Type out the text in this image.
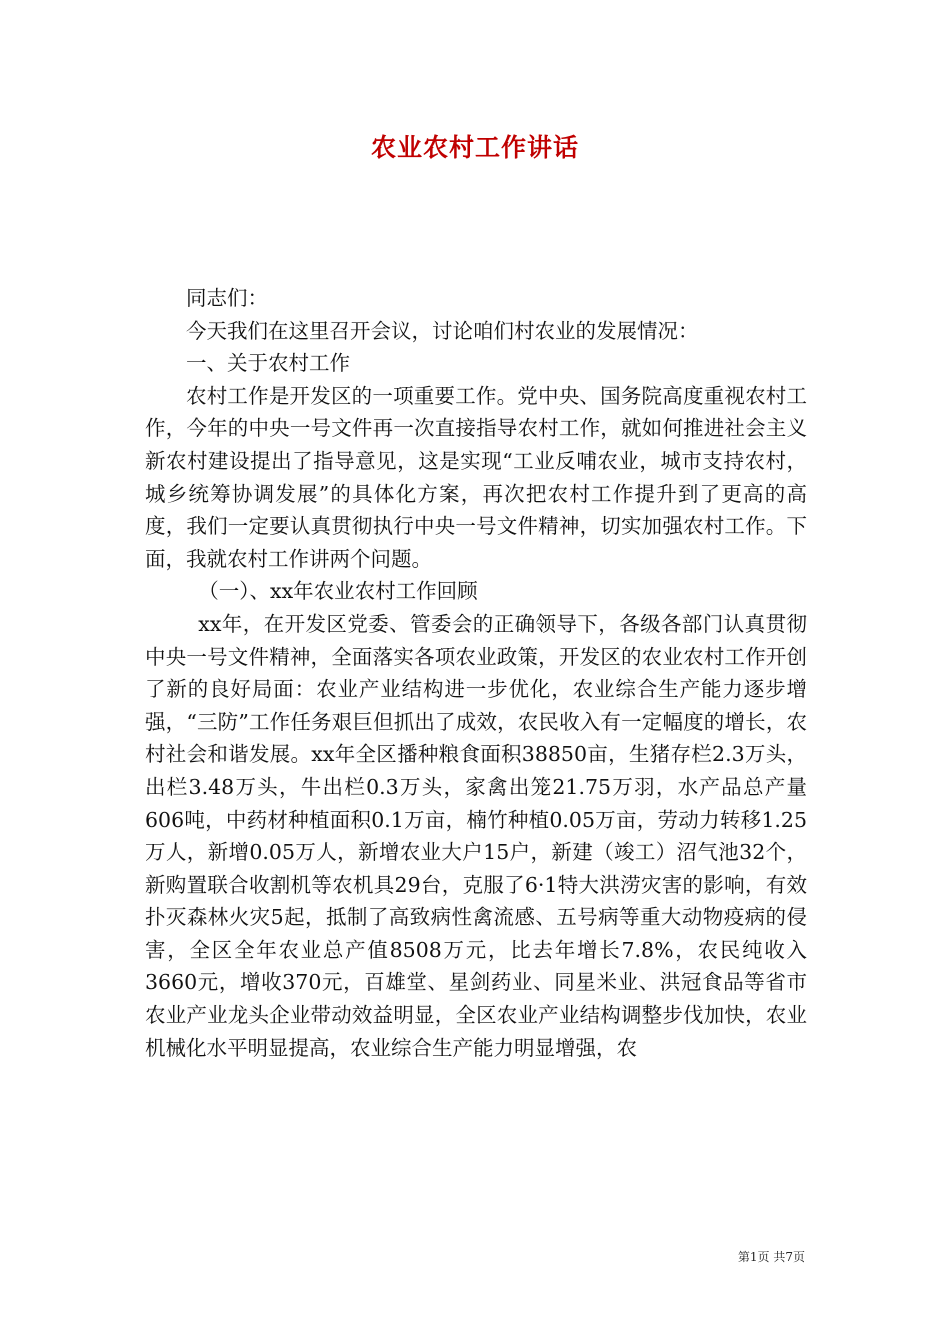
农业农村工作讲话

同志们：

今天我们在这里召开会议，讨论咱们村农业的发展情况：

一、关于农村工作

农村工作是开发区的一项重要工作。党中央、国务院高度重视农村工作，今年的中央一号文件再一次直接指导农村工作，就如何推进社会主义新农村建设提出了指导意见，这是实现“工业反哺农业，城市支持农村，城乡统筹协调发展”的具体化方案，再次把农村工作提升到了更高的高度，我们一定要认真贯彻执行中央一号文件精神，切实加强农村工作。下面，我就农村工作讲两个问题。

（一）、xx年农业农村工作回顾

xx年，在开发区党委、管委会的正确领导下，各级各部门认真贯彻中央一号文件精神，全面落实各项农业政策，开发区的农业农村工作开创了新的良好局面：农业产业结构进一步优化，农业综合生产能力逐步增强，“三防”工作任务艰巨但抓出了成效，农民收入有一定幅度的增长，农村社会和谐发展。xx年全区播种粮食面积38850亩，生猪存栏2.3万头，出栏3.48万头，牛出栏0.3万头，家禽出笼21.75万羽，水产品总产量606吨，中药材种植面积0.1万亩，楠竹种植0.05万亩，劳动力转移1.25万人，新增0.05万人，新增农业大户15户，新建（竣工）沼气池32个，新购置联合收割机等农机具29台，克服了6·1特大洪涝灾害的影响，有效扑灭森林火灾5起，抵制了高致病性禽流感、五号病等重大动物疫病的侵害，全区全年农业总产值8508万元，比去年增长7.8%，农民纯收入3660元，增收370元，百雄堂、星剑药业、同星米业、洪冠食品等省市农业产业龙头企业带动效益明显，全区农业产业结构调整步伐加快，农业机械化水平明显提高，农业综合生产能力明显增强，农

第1页 共7页
